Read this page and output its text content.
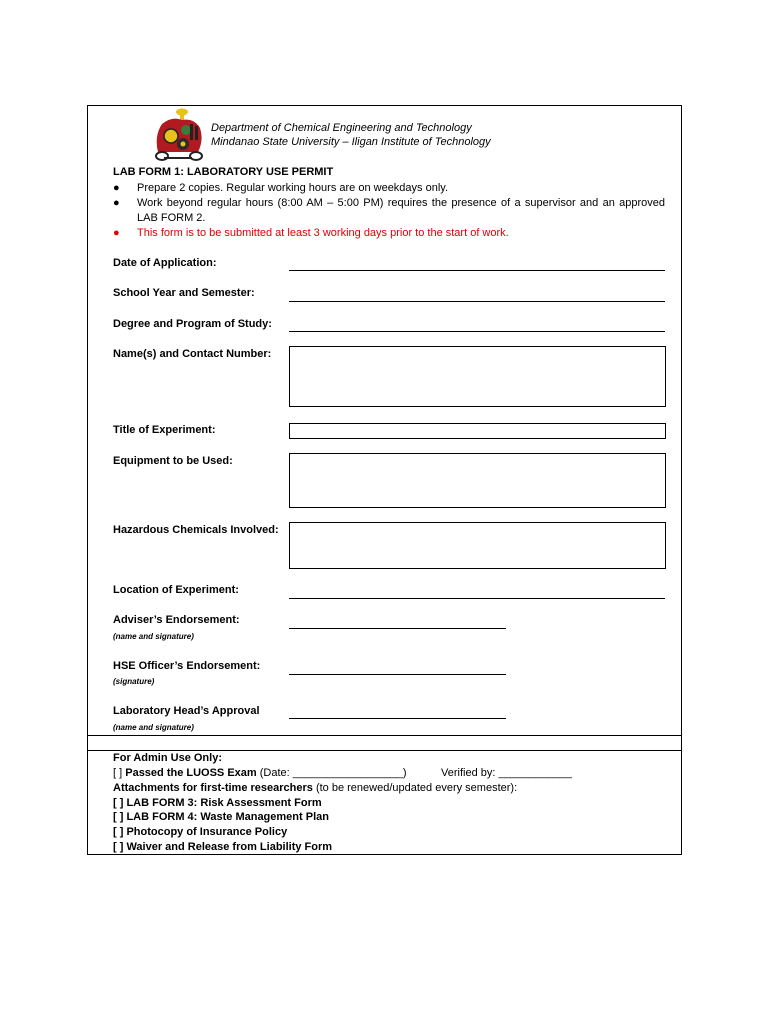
Department of Chemical Engineering and Technology
Mindanao State University – Iligan Institute of Technology
LAB FORM 1: LABORATORY USE PERMIT
● Prepare 2 copies. Regular working hours are on weekdays only.
● Work beyond regular hours (8:00 AM – 5:00 PM) requires the presence of a supervisor and an approved LAB FORM 2.
● This form is to be submitted at least 3 working days prior to the start of work.
Date of Application:
School Year and Semester:
Degree and Program of Study:
Name(s) and Contact Number:
Title of Experiment:
Equipment to be Used:
Hazardous Chemicals Involved:
Location of Experiment:
Adviser’s Endorsement:
(name and signature)
HSE Officer’s Endorsement:
(signature)
Laboratory Head’s Approval
(name and signature)
For Admin Use Only:
[ ] Passed the LUOSS Exam (Date: __________________)	Verified by: ____________
Attachments for first-time researchers (to be renewed/updated every semester):
[ ] LAB FORM 3: Risk Assessment Form
[ ] LAB FORM 4: Waste Management Plan
[ ] Photocopy of Insurance Policy
[ ] Waiver and Release from Liability Form
